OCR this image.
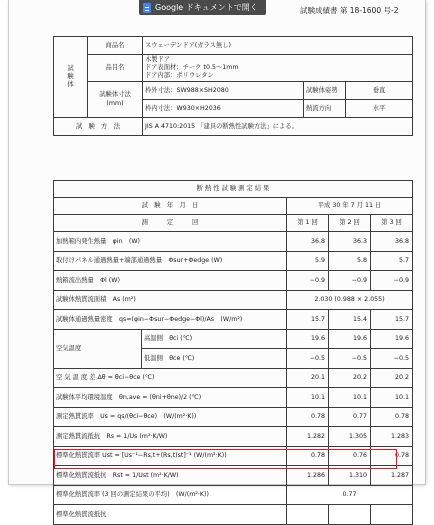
Google ドキュメントで開く	試験成績書 第 18-1600 号-2
試
験
体	商品名	スウェーデンドア(ガラス無し)		
	品目名	木製ドア
ドア表面材：チーク t0.5～1mm
ドア内部：ポリウレタン		

	試験体寸法
(mm)	枠外寸法：SW988×SH2080	試験体姿勢	垂直
		枠内寸法：W930×H2036	熱流方向	水平
試　験　方　法		JIS A 4710:2015 「建具の断熱性試験方法」による。		
断 熱 性 試 験 測 定 結 果				
試　験　年　月　日		平成 30 年 7 月 11 日		
測　　　定　　　回		第 1 回	第 2 回	第 3 回
加熱箱内発生熱量　φin　(W)		36.8	36.3	36.8
取付けパネル通過熱量+端部通過熱量　Φsur+Φedge (W)		5.9	5.8	5.7
熱箱流出熱量　Φl (W)		−0.9	−0.9	−0.9
試験体熱貫流面積　As (m²)		2.030 (0.988 × 2.055)		
試験体通過熱量密度　qs=(φin−Φsur−Φedge−Φl)/As　(W/m²)		15.7	15.4	15.7
空気温度	高温側　θci (℃)	19.6	19.6	19.6
	低温側　θce (℃)	−0.5	−0.5	−0.5
空 気 温 度 差 Δθ = θci−θce (℃)		20.1	20.2	20.2
試験体平均環境温度　θn,ave = (θni+θne)/2 (℃)		10.1	10.1	10.1
測定熱貫流率　Us = qs/(θci−θce)　(W/(m²·K))		0.78	0.77	0.78
測定熱貫流抵抗　Rs = 1/Us (m²·K/W)		1.282	1.305	1.283
標準化熱貫流率 Ust = [Us⁻¹−Rs,t+(Rs,t)st]⁻¹ (W/(m²·K))		0.78	0.76	0.78
標準化熱貫流抵抗　Rst = 1/Ust (m²·K/W)		1.286	1.310	1.287
標準化熱貫流率 (3 回の測定結果の平均)　(W/(m²·K))		0.77		
標準化熱貫流抵抗				
